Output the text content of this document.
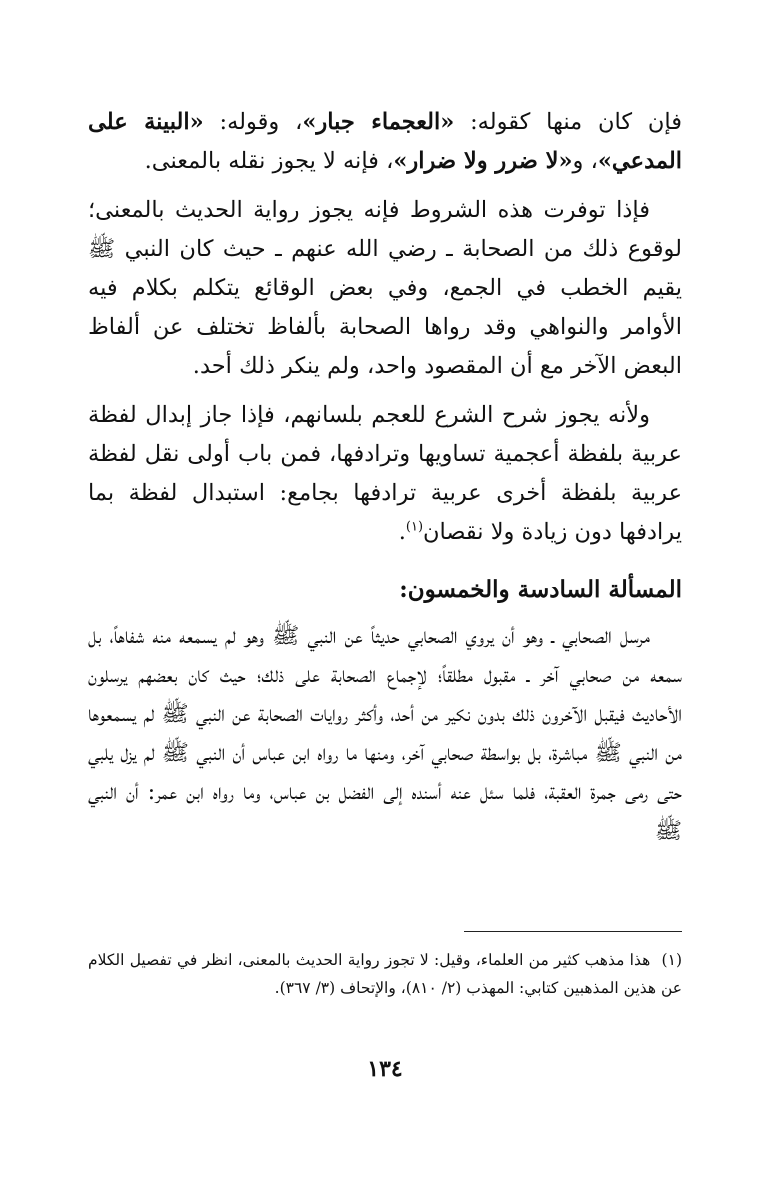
فإن كان منها كقوله: «العجماء جبار»، وقوله: «البينة على المدعي»، و«لا ضرر ولا ضرار»، فإنه لا يجوز نقله بالمعنى.

فإذا توفرت هذه الشروط فإنه يجوز رواية الحديث بالمعنى؛ لوقوع ذلك من الصحابة ـ رضي الله عنهم ـ حيث كان النبي ﷺ يقيم الخطب في الجمع، وفي بعض الوقائع يتكلم بكلام فيه الأوامر والنواهي وقد رواها الصحابة بألفاظ تختلف عن ألفاظ البعض الآخر مع أن المقصود واحد، ولم ينكر ذلك أحد.

ولأنه يجوز شرح الشرع للعجم بلسانهم، فإذا جاز إبدال لفظة عربية بلفظة أعجمية تساويها وترادفها، فمن باب أولى نقل لفظة عربية بلفظة أخرى عربية ترادفها بجامع: استبدال لفظة بما يرادفها دون زيادة ولا نقصان$^{(١)}$.

المسألة السادسة والخمسون:

مرسل الصحابي ـ وهو أن يروي الصحابي حديثاً عن النبي ﷺ وهو لم يسمعه منه شفاهاً، بل سمعه من صحابي آخر ـ مقبول مطلقاً؛ لإجماع الصحابة على ذلك؛ حيث كان بعضهم يرسلون الأحاديث فيقبل الآخرون ذلك بدون نكير من أحد، وأكثر روايات الصحابة عن النبي ﷺ لم يسمعوها من النبي ﷺ مباشرة، بل بواسطة صحابي آخر، ومنها ما رواه ابن عباس أن النبي ﷺ لم يزل يلبي حتى رمى جمرة العقبة، فلما سئل عنه أسنده إلى الفضل بن عباس، وما رواه ابن عمر: أن النبي ﷺ

(١) هذا مذهب كثير من العلماء، وقيل: لا تجوز رواية الحديث بالمعنى، انظر في تفصيل الكلام عن هذين المذهبين كتابي: المهذب (٢/ ٨١٠)، والإتحاف (٣/ ٣٦٧).
١٣٤
